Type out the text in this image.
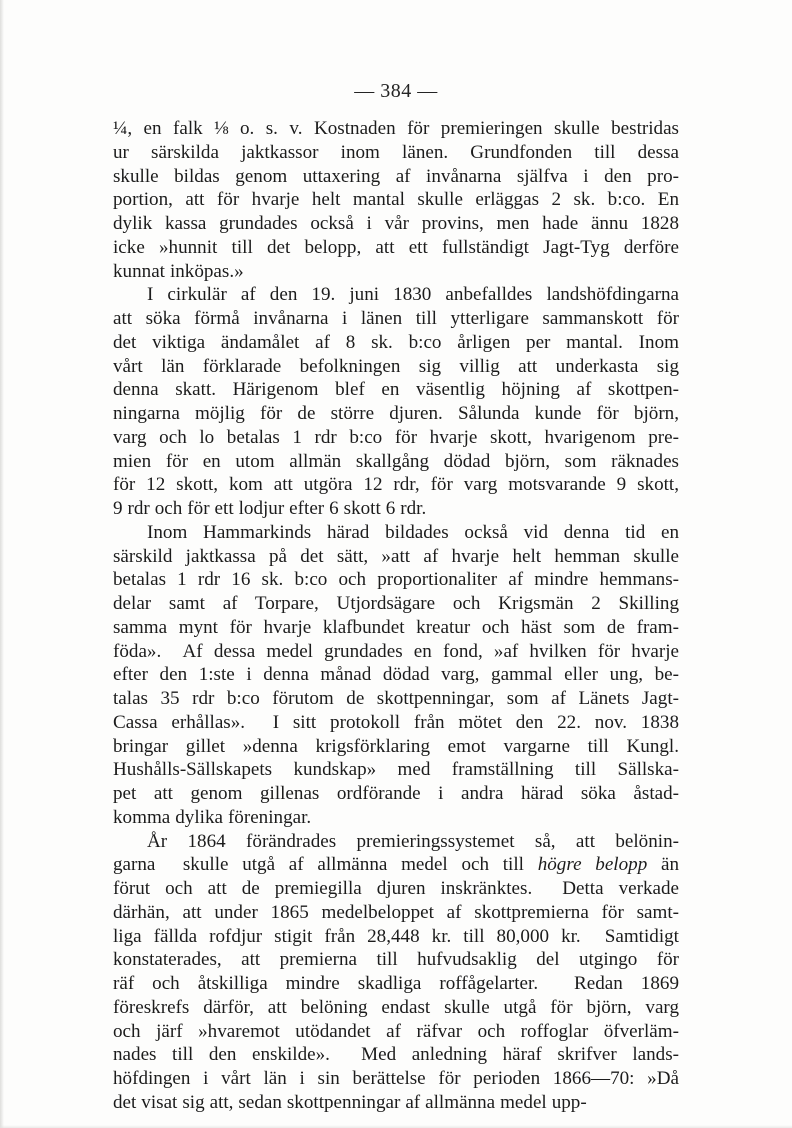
— 384 —

¼, en falk ⅛ o. s. v. Kostnaden för premieringen skulle bestridas
ur särskilda jaktkassor inom länen. Grundfonden till dessa
skulle bildas genom uttaxering af invånarna själfva i den pro-
portion, att för hvarje helt mantal skulle erläggas 2 sk. b:co. En
dylik kassa grundades också i vår provins, men hade ännu 1828
icke »hunnit till det belopp, att ett fullständigt Jagt-Tyg derföre
kunnat inköpas.»

I cirkulär af den 19. juni 1830 anbefalldes landshöfdingarna
att söka förmå invånarna i länen till ytterligare sammanskott för
det viktiga ändamålet af 8 sk. b:co årligen per mantal. Inom
vårt län förklarade befolkningen sig villig att underkasta sig
denna skatt. Härigenom blef en väsentlig höjning af skottpen-
ningarna möjlig för de större djuren. Sålunda kunde för björn,
varg och lo betalas 1 rdr b:co för hvarje skott, hvarigenom pre-
mien för en utom allmän skallgång dödad björn, som räknades
för 12 skott, kom att utgöra 12 rdr, för varg motsvarande 9 skott,
9 rdr och för ett lodjur efter 6 skott 6 rdr.

Inom Hammarkinds härad bildades också vid denna tid en
särskild jaktkassa på det sätt, »att af hvarje helt hemman skulle
betalas 1 rdr 16 sk. b:co och proportionaliter af mindre hemmans-
delar samt af Torpare, Utjordsägare och Krigsmän 2 Skilling
samma mynt för hvarje klafbundet kreatur och häst som de fram-
föda».  Af dessa medel grundades en fond, »af hvilken för hvarje
efter den 1:ste i denna månad dödad varg, gammal eller ung, be-
talas 35 rdr b:co förutom de skottpenningar, som af Länets Jagt-
Cassa erhållas».  I sitt protokoll från mötet den 22. nov. 1838
bringar gillet »denna krigsförklaring emot vargarne till Kungl.
Hushålls-Sällskapets kundskap» med framställning till Sällska-
pet att genom gillenas ordförande i andra härad söka åstad-
komma dylika föreningar.

År 1864 förändrades premieringssystemet så, att belönin-
garna  skulle utgå af allmänna medel och till högre belopp än
förut och att de premiegilla djuren inskränktes.  Detta verkade
därhän, att under 1865 medelbeloppet af skottpremierna för samt-
liga fällda rofdjur stigit från 28,448 kr. till 80,000 kr.  Samtidigt
konstaterades, att premierna till hufvudsaklig del utgingo för
räf och åtskilliga mindre skadliga roffågelarter.  Redan 1869
föreskrefs därför, att belöning endast skulle utgå för björn, varg
och järf »hvaremot utödandet af räfvar och roffoglar öfverläm-
nades till den enskilde».  Med anledning häraf skrifver lands-
höfdingen i vårt län i sin berättelse för perioden 1866—70: »Då
det visat sig att, sedan skottpenningar af allmänna medel upp-
